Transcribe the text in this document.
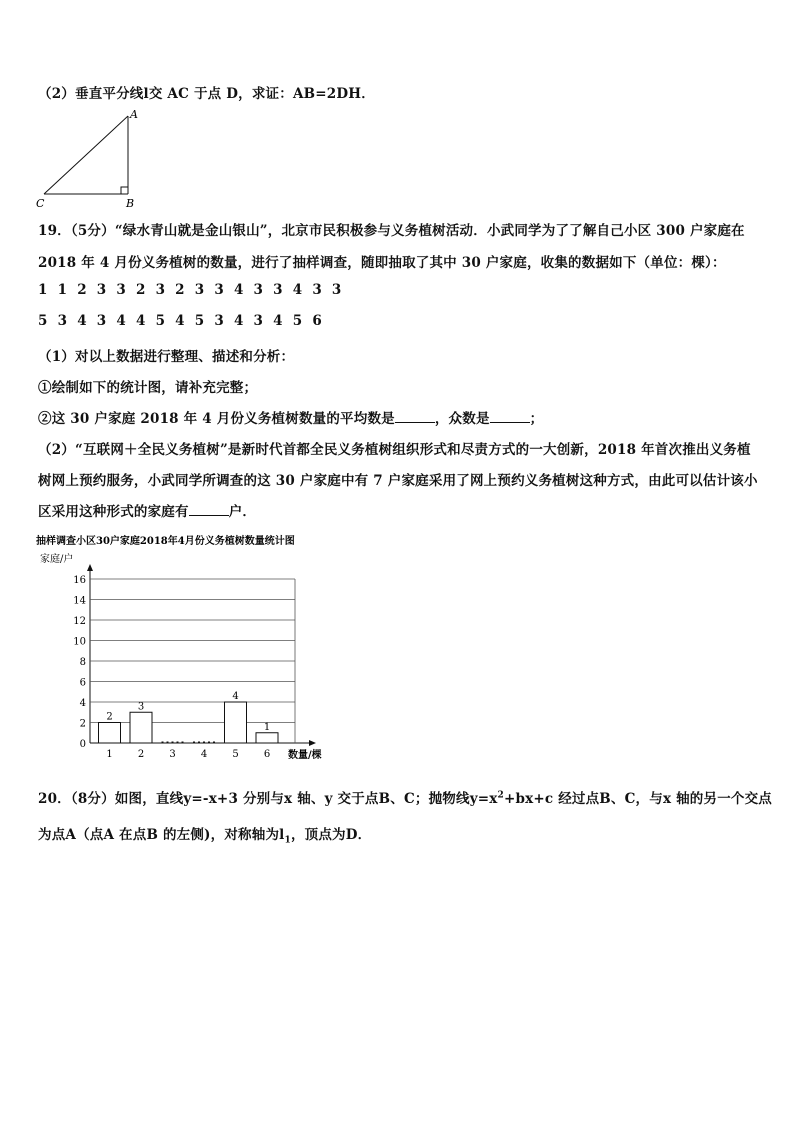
（2）垂直平分线l交 AC 于点 D，求证：AB=2DH．
A
B
C
19．（5分）“绿水青山就是金山银山”，北京市民积极参与义务植树活动．小武同学为了了解自己小区 300 户家庭在
2018 年 4 月份义务植树的数量，进行了抽样调查，随即抽取了其中 30 户家庭，收集的数据如下（单位：棵）：
1 1 2 3 3 2 3 2 3 3 4 3 3 4 3 3
5 3 4 3 4 4 5 4 5 3 4 3 4 5 6
（1）对以上数据进行整理、描述和分析：
①绘制如下的统计图，请补充完整；
②这 30 户家庭 2018 年 4 月份义务植树数量的平均数是	，众数是	；
（2）“互联网＋全民义务植树”是新时代首都全民义务植树组织形式和尽责方式的一大创新，2018 年首次推出义务植
树网上预约服务，小武同学所调查的这 30 户家庭中有 7 户家庭采用了网上预约义务植树这种方式，由此可以估计该小
区采用这种形式的家庭有	户．
抽样调查小区30户家庭2018年4月份义务植树数量统计图
家庭/户
数量/棵
0
2
4
6
8
10
12
14
16
1
2
2
3
3	4	5
4
6
1
20．（8分）如图，直线y=-x+3 分别与x 轴、y 交于点B、C；抛物线$y=x^2+bx+c$ 经过点B、C，与x 轴的另一个交点
为点A（点A 在点B 的左侧)，对称轴为$l_1$，顶点为D．
